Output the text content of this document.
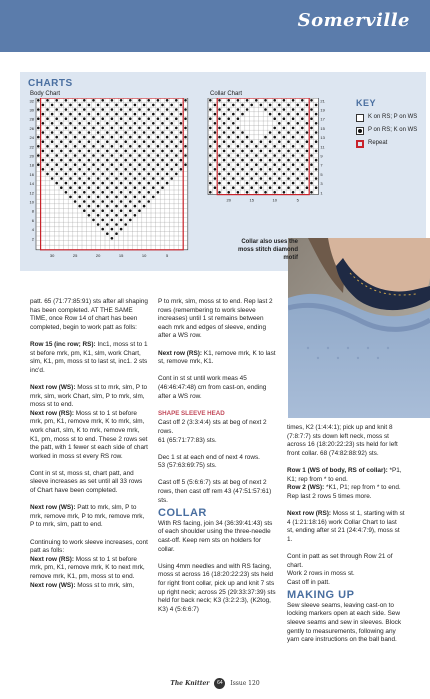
Somerville
CHARTS
Body Chart	Collar Chart
32
30
28
26
24
22
20
18
16
14
12
10
8
6
4
2
30	25	20	15	10	5
21
19
17
15
13
11
9
7
5
3
1
20	15	10	5
KEY
K on RS; P on WS
P on RS; K on WS
Repeat
Collar also uses the moss stitch diamond motif

patt. 65 (71:77:85:91) sts after all shaping has been completed. AT THE SAME TIME, once Row 14 of chart has been completed, begin to work patt as folls:

Row 15 (inc row; RS): Inc1, moss st to 1 st before mrk, pm, K1, slm, work Chart, slm, K1, pm, moss st to last st, inc1. 2 sts inc'd.

Next row (WS): Moss st to mrk, slm, P to mrk, slm, work Chart, slm, P to mrk, slm, moss st to end.

Next row (RS): Moss st to 1 st before mrk, pm, K1, remove mrk, K to mrk, slm, work chart, slm, K to mrk, remove mrk, K1, pm, moss st to end. These 2 rows set the patt, with 1 fewer st each side of chart worked in moss st every RS row.

Cont in st st, moss st, chart patt, and sleeve increases as set until all 33 rows of Chart have been completed.

Next row (WS): Patt to mrk, slm, P to mrk, remove mrk, P to mrk, remove mrk, P to mrk, slm, patt to end.

Continuing to work sleeve increases, cont patt as folls:

Next row (RS): Moss st to 1 st before mrk, pm, K1, remove mrk, K to next mrk, remove mrk, K1, pm, moss st to end.

Next row (WS): Moss st to mrk, slm,

P to mrk, slm, moss st to end. Rep last 2 rows (remembering to work sleeve increases) until 1 st remains between each mrk and edges of sleeve, ending after a WS row.

Next row (RS): K1, remove mrk, K to last st, remove mrk, K1.

Cont in st st until work meas 45 (46:46:47:48) cm from cast-on, ending after a WS row.

SHAPE SLEEVE HEAD

Cast off 2 (3:3:4:4) sts at beg of next 2 rows.

61 (65:71:77:83) sts.

Dec 1 st at each end of next 4 rows.

53 (57:63:69:75) sts.

Cast off 5 (5:6:6:7) sts at beg of next 2 rows, then cast off rem 43 (47:51:57:61) sts.

COLLAR

With RS facing, join 34 (36:39:41:43) sts of each shoulder using the three-needle cast-off. Keep rem sts on holders for collar.

Using 4mm needles and with RS facing, moss st across 16 (18:20:22:23) sts held for right front collar, pick up and knit 7 sts up right neck; across 25 (29:33:37:39) sts held for back neck; K3 (3:2:2:3), (K2tog, K3) 4 (5:6:6:7)

times, K2 (1:4:4:1); pick up and knit 8 (7:8:7:7) sts down left neck, moss st across 16 (18:20:22:23) sts held for left front collar. 68 (74:82:88:92) sts.

Row 1 (WS of body, RS of collar): *P1, K1; rep from * to end.

Row 2 (WS): *K1, P1; rep from * to end. Rep last 2 rows 5 times more.

Next row (RS): Moss st 1, starting with st 4 (1:21:18:16) work Collar Chart to last st, ending after st 21 (24:4:7:9), moss st 1.

Cont in patt as set through Row 21 of chart.

Work 2 rows in moss st.

Cast off in patt.

MAKING UP

Sew sleeve seams, leaving cast-on to locking markers open at each side. Sew sleeve seams and sew in sleeves. Block gently to measurements, following any yarn care instructions on the ball band.

The Knitter 64 Issue 120
